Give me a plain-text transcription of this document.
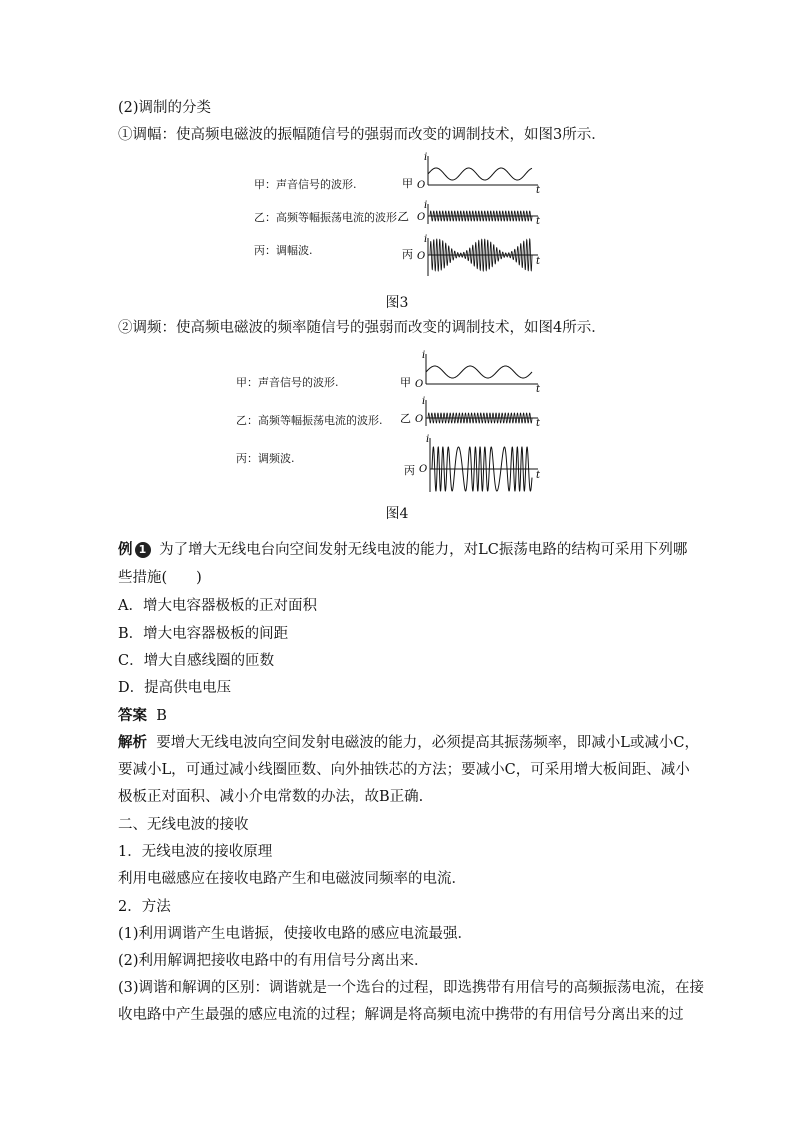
(2)调制的分类
①调幅：使高频电磁波的振幅随信号的强弱而改变的调制技术，如图3所示．
甲：声音信号的波形.
乙：高频等幅振荡电流的波形.
丙：调幅波.
甲
乙
丙
i
O	t
i
O	t
i
O	t
图3
②调频：使高频电磁波的频率随信号的强弱而改变的调制技术，如图4所示．
甲：声音信号的波形.
乙：高频等幅振荡电流的波形.
丙：调频波.
甲
乙
丙
i
O	t
i
O	t
i
O
t
图4
例 1 为了增大无线电台向空间发射无线电波的能力，对LC振荡电路的结构可采用下列哪
些措施(　　)
A．增大电容器极板的正对面积
B．增大电容器极板的间距
C．增大自感线圈的匝数
D．提高供电电压
答案 B
解析 要增大无线电波向空间发射电磁波的能力，必须提高其振荡频率，即减小L或减小C，
要减小L，可通过减小线圈匝数、向外抽铁芯的方法；要减小C，可采用增大板间距、减小
极板正对面积、减小介电常数的办法，故B正确.
二、无线电波的接收
1．无线电波的接收原理
利用电磁感应在接收电路产生和电磁波同频率的电流．
2．方法
(1)利用调谐产生电谐振，使接收电路的感应电流最强．
(2)利用解调把接收电路中的有用信号分离出来．
(3)调谐和解调的区别：调谐就是一个选台的过程，即选携带有用信号的高频振荡电流，在接
收电路中产生最强的感应电流的过程；解调是将高频电流中携带的有用信号分离出来的过
